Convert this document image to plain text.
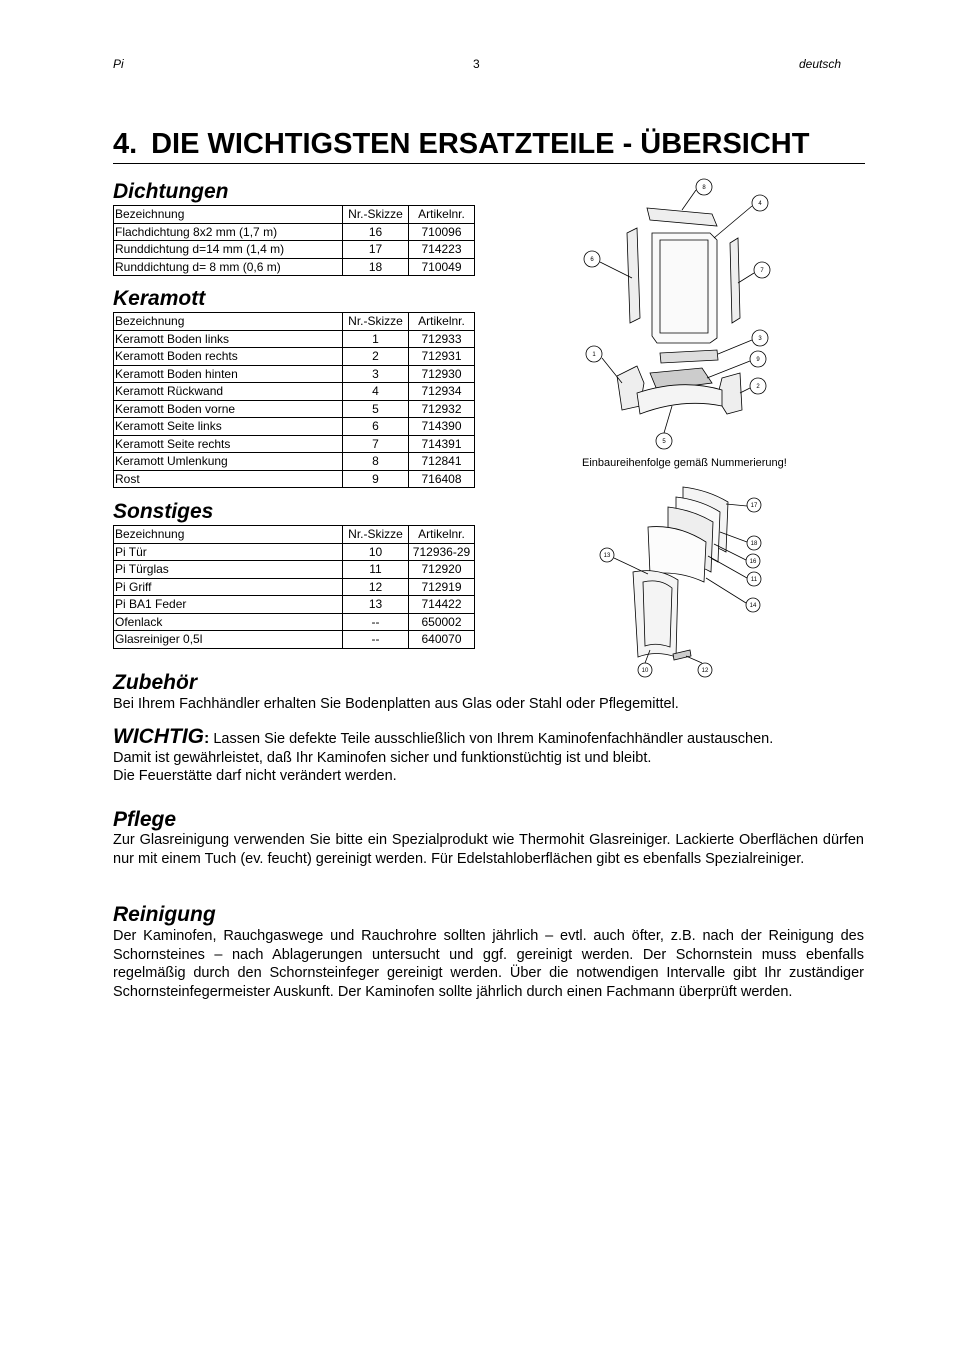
Pi	3	deutsch
4. DIE WICHTIGSTEN ERSATZTEILE - ÜBERSICHT
Dichtungen
Bezeichnung	Nr.-Skizze	Artikelnr.
Flachdichtung 8x2 mm (1,7 m)	16	710096
Runddichtung d=14 mm (1,4 m)	17	714223
Runddichtung d= 8 mm (0,6 m)	18	710049
Keramott
Bezeichnung	Nr.-Skizze	Artikelnr.
Keramott Boden links	1	712933
Keramott Boden rechts	2	712931
Keramott Boden hinten	3	712930
Keramott Rückwand	4	712934
Keramott Boden vorne	5	712932
Keramott Seite links	6	714390
Keramott Seite rechts	7	714391
Keramott Umlenkung	8	712841
Rost	9	716408
Sonstiges
Bezeichnung	Nr.-Skizze	Artikelnr.
Pi Tür	10	712936-29
Pi Türglas	11	712920
Pi Griff	12	712919
Pi BA1 Feder	13	714422
Ofenlack	--	650002
Glasreiniger 0,5l	--	640070
8
4
6
7
3
1
9
2
5
Einbaureihenfolge gemäß Nummerierung!
17
18
13
16
11
14
10	12
Zubehör
Bei Ihrem Fachhändler erhalten Sie Bodenplatten aus Glas oder Stahl oder Pflegemittel.
WICHTIG: Lassen Sie defekte Teile ausschließlich von Ihrem Kaminofenfachhändler austauschen.
Damit ist gewährleistet, daß Ihr Kaminofen sicher und funktionstüchtig ist und bleibt.
Die Feuerstätte darf nicht verändert werden.
Pflege
Zur Glasreinigung verwenden Sie bitte ein Spezialprodukt wie Thermohit Glasreiniger. Lackierte Oberflächen dürfen nur mit einem Tuch (ev. feucht) gereinigt werden. Für Edelstahloberflächen gibt es ebenfalls Spezialreiniger.
Reinigung
Der Kaminofen, Rauchgaswege und Rauchrohre sollten jährlich – evtl. auch öfter, z.B. nach der Reinigung des Schornsteines – nach Ablagerungen untersucht und ggf. gereinigt werden. Der Schornstein muss ebenfalls regelmäßig durch den Schornsteinfeger gereinigt werden. Über die notwendigen Intervalle gibt Ihr zuständiger Schornsteinfegermeister Auskunft. Der Kaminofen sollte jährlich durch einen Fachmann überprüft werden.
